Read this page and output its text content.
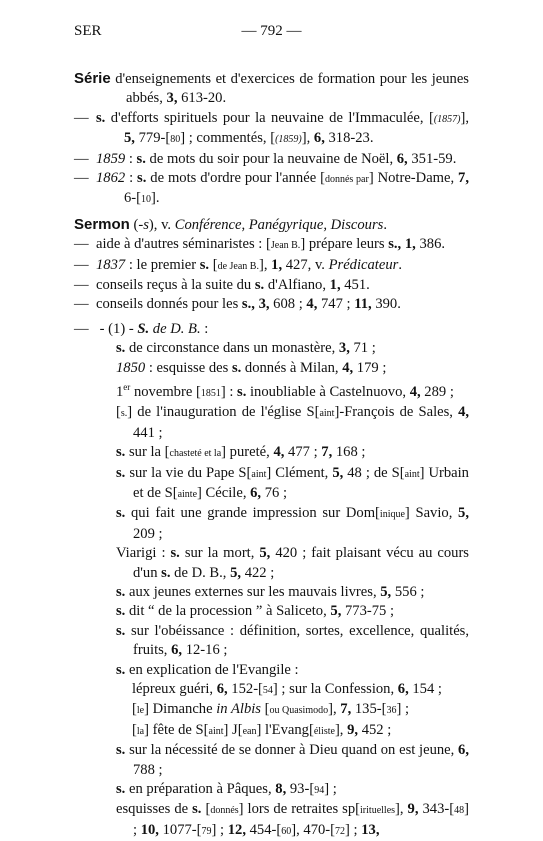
SER	— 792 —
Série d'enseignements et d'exercices de formation pour les jeunes abbés, 3, 613-20.
— s. d'efforts spirituels pour la neuvaine de l'Immaculée, [(1857)], 5, 779-[80] ; commentés, [(1859)], 6, 318-23.
— 1859 : s. de mots du soir pour la neuvaine de Noël, 6, 351-59.
— 1862 : s. de mots d'ordre pour l'année [donnés par] Notre-Dame, 7, 6-[10].
Sermon (-s), v. Conférence, Panégyrique, Discours.
— aide à d'autres séminaristes : [Jean B.] prépare leurs s., 1, 386.
— 1837 : le premier s. [de Jean B.], 1, 427, v. Prédicateur.
— conseils reçus à la suite du s. d'Alfiano, 1, 451.
— conseils donnés pour les s., 3, 608 ; 4, 747 ; 11, 390.
— - (1) - S. de D. B. :
s. de circonstance dans un monastère, 3, 71 ;
1850 : esquisse des s. donnés à Milan, 4, 179 ;
1er novembre [1851] : s. inoubliable à Castelnuovo, 4, 289 ;
[s.] de l'inauguration de l'église S[aint]-François de Sales, 4, 441 ;
s. sur la [chasteté et la] pureté, 4, 477 ; 7, 168 ;
s. sur la vie du Pape S[aint] Clément, 5, 48 ; de S[aint] Urbain et de S[ainte] Cécile, 6, 76 ;
s. qui fait une grande impression sur Dom[inique] Savio, 5, 209 ;
Viarigi : s. sur la mort, 5, 420 ; fait plaisant vécu au cours d'un s. de D. B., 5, 422 ;
s. aux jeunes externes sur les mauvais livres, 5, 556 ;
s. dit “ de la procession ” à Saliceto, 5, 773-75 ;
s. sur l'obéissance : définition, sortes, excellence, qualités, fruits, 6, 12-16 ;
s. en explication de l'Evangile :
lépreux guéri, 6, 152-[54] ; sur la Confession, 6, 154 ;
[le] Dimanche in Albis [ou Quasimodo], 7, 135-[36] ;
[la] fête de S[aint] J[ean] l'Evang[éliste], 9, 452 ;
s. sur la nécessité de se donner à Dieu quand on est jeune, 6, 788 ;
s. en préparation à Pâques, 8, 93-[94] ;
esquisses de s. [donnés] lors de retraites sp[irituelles], 9, 343-[48] ; 10, 1077-[79] ; 12, 454-[60], 470-[72] ; 13,
